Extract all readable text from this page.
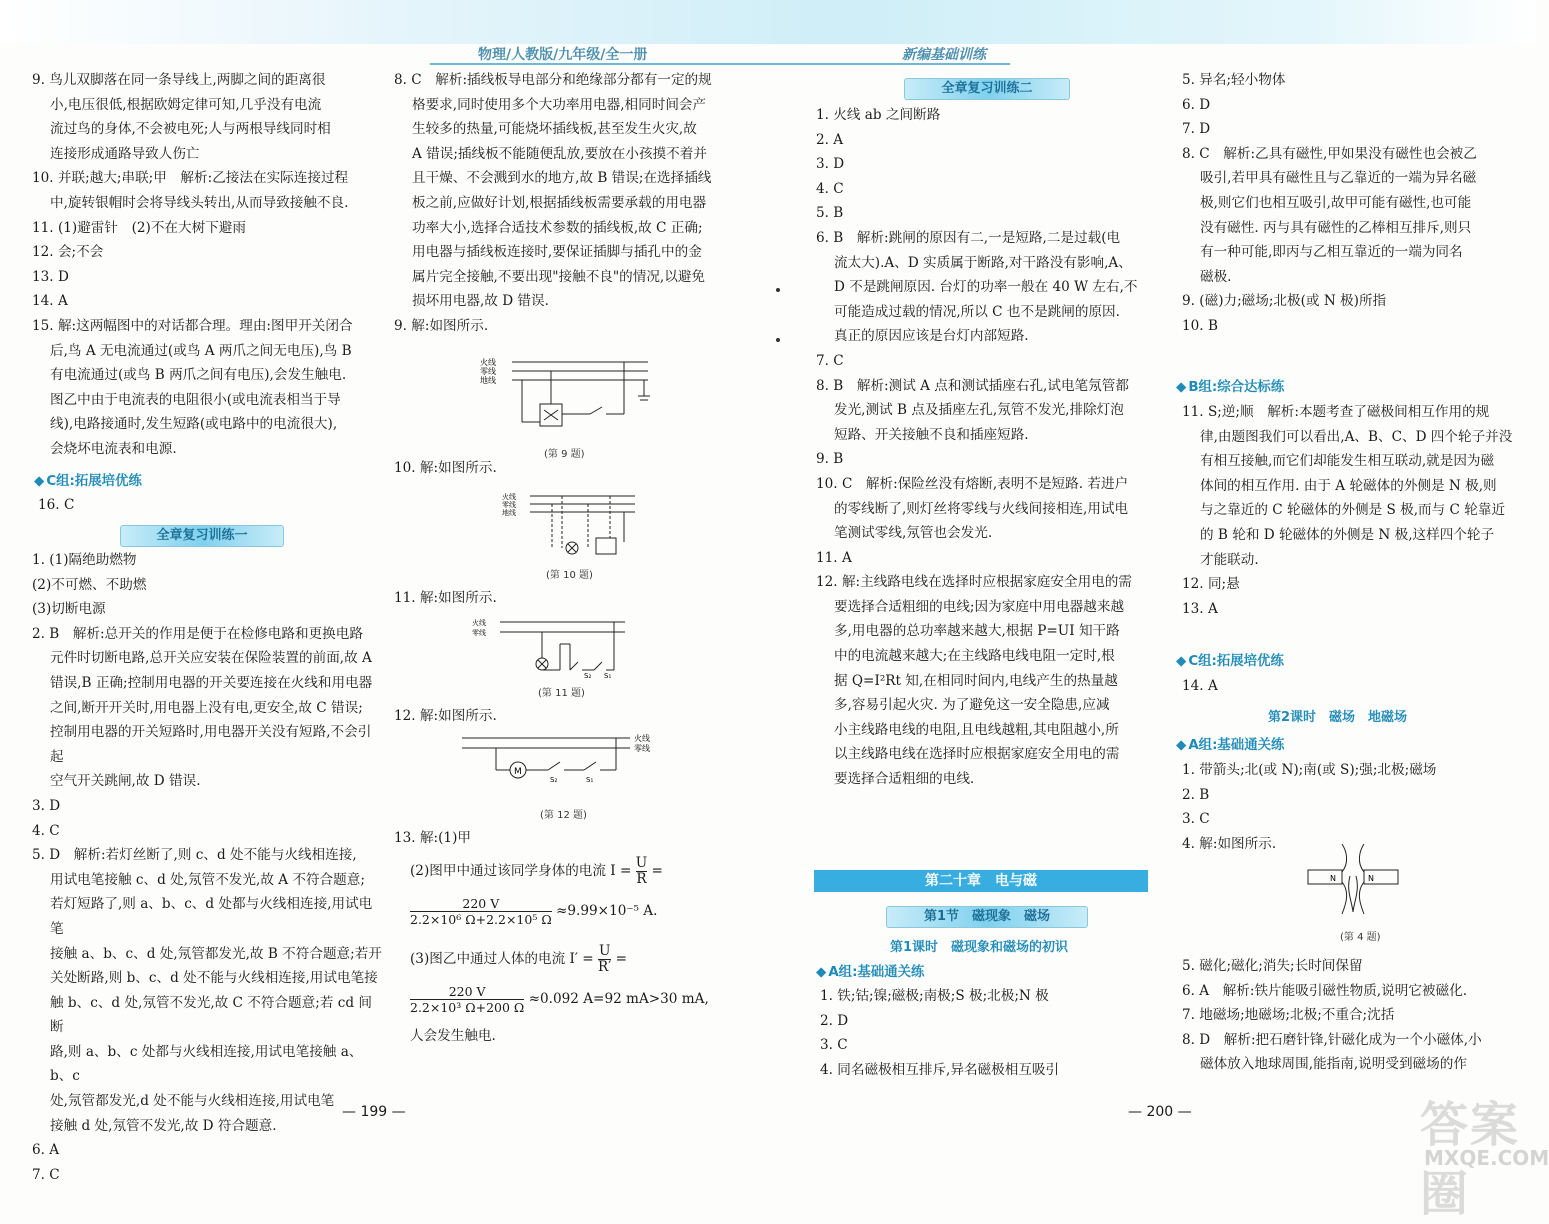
物理/人教版/九年级/全一册	新编基础训练

9. 鸟儿双脚落在同一条导线上,两脚之间的距离很

小,电压很低,根据欧姆定律可知,几乎没有电流

流过鸟的身体,不会被电死;人与两根导线同时相

连接形成通路导致人伤亡

10. 并联;越大;串联;甲　解析:乙接法在实际连接过程

中,旋转银帽时会将导线头转出,从而导致接触不良.

11. (1)避雷针　(2)不在大树下避雨

12. 会;不会

13. D

14. A

15. 解:这两幅图中的对话都合理。理由:图甲开关闭合

后,鸟 A 无电流通过(或鸟 A 两爪之间无电压),鸟 B

有电流通过(或鸟 B 两爪之间有电压),会发生触电.

图乙中由于电流表的电阻很小(或电流表相当于导

线),电路接通时,发生短路(或电路中的电流很大),

会烧坏电流表和电源.

◆ C组:拓展培优练

16. C

全章复习训练一

1. (1)隔绝助燃物

(2)不可燃、不助燃

(3)切断电源

2. B　解析:总开关的作用是便于在检修电路和更换电路

元件时切断电路,总开关应安装在保险装置的前面,故 A

错误,B 正确;控制用电器的开关要连接在火线和用电器

之间,断开开关时,用电器上没有电,更安全,故 C 错误;

控制用电器的开关短路时,用电器开关没有短路,不会引起

空气开关跳闸,故 D 错误.

3. D

4. C

5. D　解析:若灯丝断了,则 c、d 处不能与火线相连接,

用试电笔接触 c、d 处,氖管不发光,故 A 不符合题意;

若灯短路了,则 a、b、c、d 处都与火线相连接,用试电笔

接触 a、b、c、d 处,氖管都发光,故 B 不符合题意;若开

关处断路,则 b、c、d 处不能与火线相连接,用试电笔接

触 b、c、d 处,氖管不发光,故 C 不符合题意;若 cd 间断

路,则 a、b、c 处都与火线相连接,用试电笔接触 a、b、c

处,氖管都发光,d 处不能与火线相连接,用试电笔

接触 d 处,氖管不发光,故 D 符合题意.

6. A

7. C

8. C　解析:插线板导电部分和绝缘部分都有一定的规

格要求,同时使用多个大功率用电器,相同时间会产

生较多的热量,可能烧坏插线板,甚至发生火灾,故

A 错误;插线板不能随便乱放,要放在小孩摸不着并

且干燥、不会溅到水的地方,故 B 错误;在选择插线

板之前,应做好计划,根据插线板需要承载的用电器

功率大小,选择合适技术参数的插线板,故 C 正确;

用电器与插线板连接时,要保证插脚与插孔中的金

属片完全接触,不要出现"接触不良"的情况,以避免

损坏用电器,故 D 错误.

9. 解:如图所示.

火线
零线
地线
(第 9 题)

10. 解:如图所示.

火线
零线
地线
(第 10 题)

11. 解:如图所示.

火线
零线
S₂ S₁
(第 11 题)

12. 解:如图所示.

火线
零线
M
S₂	S₁
(第 12 题)

13. 解:(1)甲

(2)图甲中通过该同学身体的电流 $I = \frac{U}{R}$ =
$\frac{220 V}{\text{2.2×10⁶ Ω+2.2×10⁵ Ω}} \approx 9.99\times 10^{-5}$ A.
(3)图乙中通过人体的电流 $I' = \frac{U}{R'}$ =
$\frac{220 V}{\text{2.2×10³ Ω+200 Ω}} \approx 0.092$ A=92 mA>30 mA,

人会发生触电.

全章复习训练二

1. 火线 ab 之间断路

2. A

3. D

4. C

5. B

6. B　解析:跳闸的原因有二,一是短路,二是过载(电

流太大).A、D 实质属于断路,对干路没有影响,A、

D 不是跳闸原因. 台灯的功率一般在 40 W 左右,不

可能造成过载的情况,所以 C 也不是跳闸的原因.

真正的原因应该是台灯内部短路.

7. C

8. B　解析:测试 A 点和测试插座右孔,试电笔氖管都

发光,测试 B 点及插座左孔,氖管不发光,排除灯泡

短路、开关接触不良和插座短路.

9. B

10. C　解析:保险丝没有熔断,表明不是短路. 若进户

的零线断了,则灯丝将零线与火线间接相连,用试电

笔测试零线,氖管也会发光.

11. A

12. 解:主线路电线在选择时应根据家庭安全用电的需

要选择合适粗细的电线;因为家庭中用电器越来越

多,用电器的总功率越来越大,根据 P=UI 知干路

中的电流越来越大;在主线路电线电阻一定时,根

据 Q=I²Rt 知,在相同时间内,电线产生的热量越

多,容易引起火灾. 为了避免这一安全隐患,应减

小主线路电线的电阻,且电线越粗,其电阻越小,所

以主线路电线在选择时应根据家庭安全用电的需

要选择合适粗细的电线.

第二十章　电与磁
第1节　磁现象　磁场
第1课时　磁现象和磁场的初识
◆ A组:基础通关练

1. 铁;钴;镍;磁极;南极;S 极;北极;N 极

2. D

3. C

4. 同名磁极相互排斥,异名磁极相互吸引

5. 异名;轻小物体

6. D

7. D

8. C　解析:乙具有磁性,甲如果没有磁性也会被乙

吸引,若甲具有磁性且与乙靠近的一端为异名磁

极,则它们也相互吸引,故甲可能有磁性,也可能

没有磁性. 丙与具有磁性的乙棒相互排斥,则只

有一种可能,即丙与乙相互靠近的一端为同名

磁极.

9. (磁)力;磁场;北极(或 N 极)所指

10. B

◆ B组:综合达标练

11. S;逆;顺　解析:本题考查了磁极间相互作用的规

律,由题图我们可以看出,A、B、C、D 四个轮子并没

有相互接触,而它们却能发生相互联动,就是因为磁

体间的相互作用. 由于 A 轮磁体的外侧是 N 极,则

与之靠近的 C 轮磁体的外侧是 S 极,而与 C 轮靠近

的 B 轮和 D 轮磁体的外侧是 N 极,这样四个轮子

才能联动.

12. 同;悬

13. A

◆ C组:拓展培优练

14. A

第2课时　磁场　地磁场
◆ A组:基础通关练

1. 带箭头;北(或 N);南(或 S);强;北极;磁场

2. B

3. C

4. 解:如图所示.

N	N
(第 4 题)

5. 磁化;磁化;消失;长时间保留

6. A　解析:铁片能吸引磁性物质,说明它被磁化.

7. 地磁场;地磁场;北极;不重合;沈括

8. D　解析:把石磨针锋,针磁化成为一个小磁体,小

磁体放入地球周围,能指南,说明受到磁场的作

— 199 —	— 200 —	答案圈
MXQE.COM
